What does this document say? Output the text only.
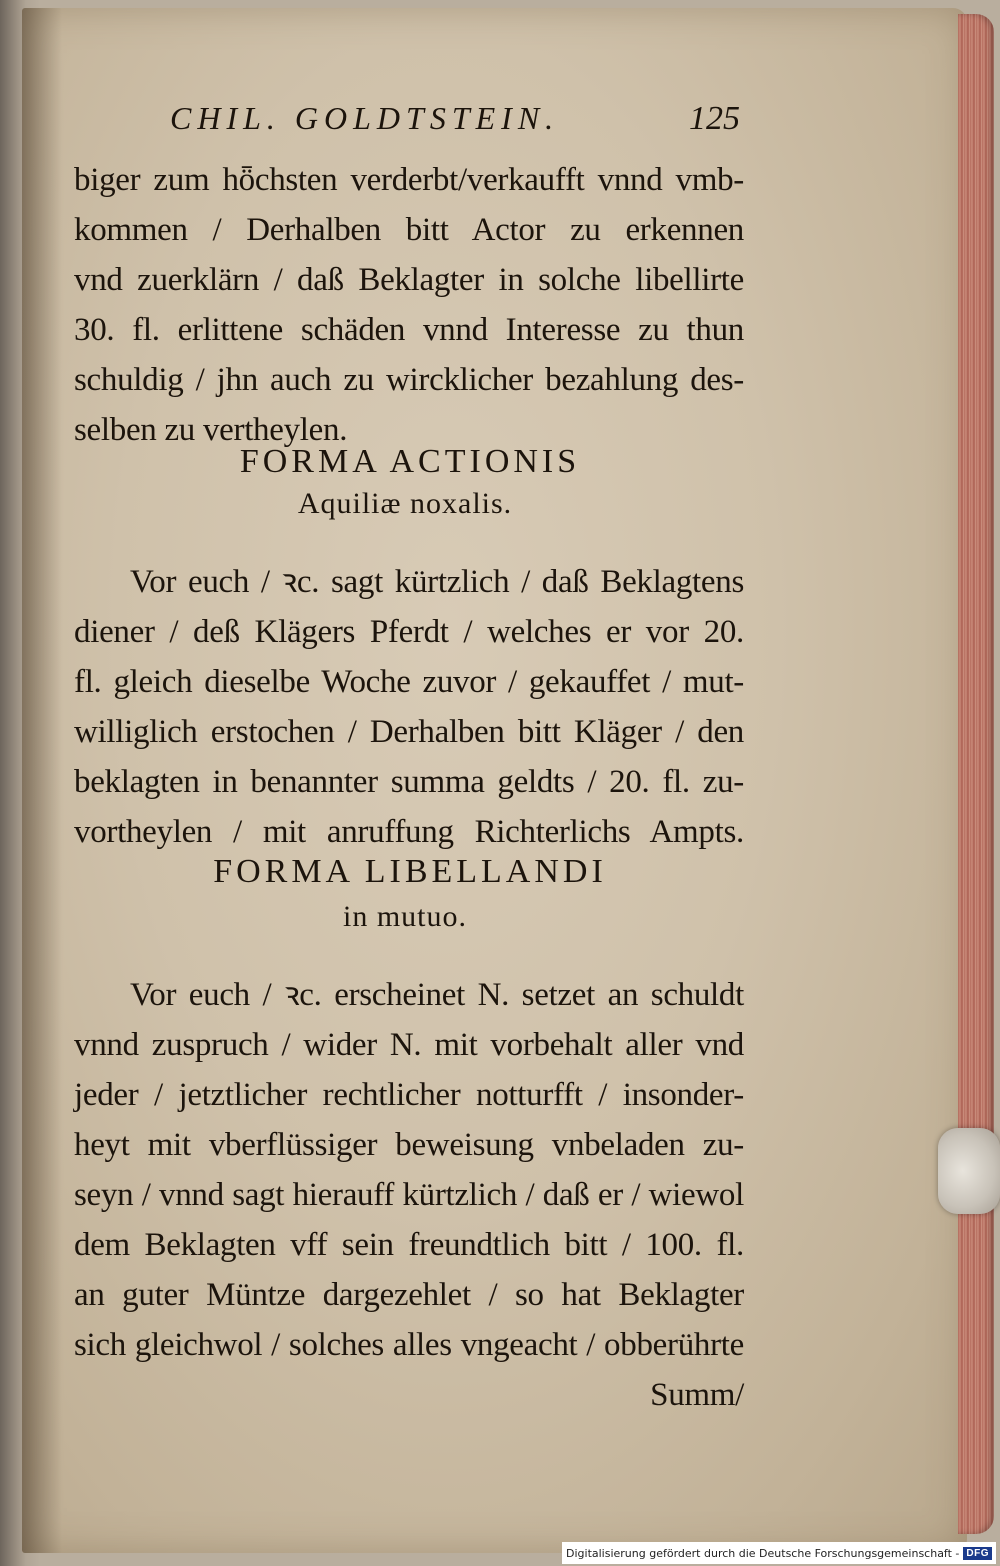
CHIL. GOLDTSTEIN.	125
biger zum hȫchsten verderbt/verkaufft vnnd vmb-
kommen / Derhalben bitt Actor zu erkennen
vnd zuerklärn / daß Beklagter in solche libellirte
30. fl. erlittene schäden vnnd Interesse zu thun
schuldig / jhn auch zu wircklicher bezahlung des-
selben zu vertheylen.
FORMA ACTIONIS
Aquiliæ noxalis.
Vor euch / ꝛc. sagt kürtzlich / daß Beklagtens
diener / deß Klägers Pferdt / welches er vor 20.
fl. gleich dieselbe Woche zuvor / gekauffet / mut-
williglich erstochen / Derhalben bitt Kläger / den
beklagten in benannter summa geldts / 20. fl. zu-
vortheylen / mit anruffung Richterlichs Ampts.
FORMA LIBELLANDI
in mutuo.
Vor euch / ꝛc. erscheinet N. setzet an schuldt
vnnd zuspruch / wider N. mit vorbehalt aller vnd
jeder / jetztlicher rechtlicher notturfft / insonder-
heyt mit vberflüssiger beweisung vnbeladen zu-
seyn / vnnd sagt hierauff kürtzlich / daß er / wiewol
dem Beklagten vff sein freundtlich bitt / 100. fl.
an guter Müntze dargezehlet / so hat Beklagter
sich gleichwol / solches alles vngeacht / obberührte
Summ/
Digitalisierung gefördert durch die Deutsche Forschungsgemeinschaft - DFG
